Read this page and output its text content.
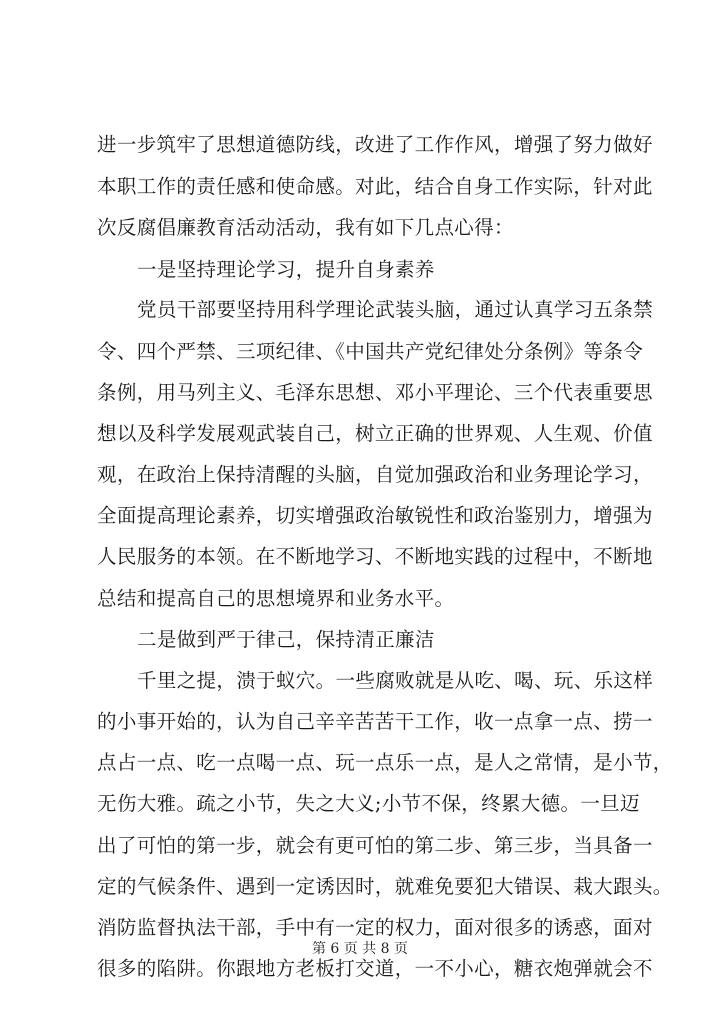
进一步筑牢了思想道德防线，改进了工作作风，增强了努力做好
本职工作的责任感和使命感。对此，结合自身工作实际，针对此
次反腐倡廉教育活动活动，我有如下几点心得：
一是坚持理论学习，提升自身素养
党员干部要坚持用科学理论武装头脑，通过认真学习五条禁
令、四个严禁、三项纪律、《中国共产党纪律处分条例》等条令
条例，用马列主义、毛泽东思想、邓小平理论、三个代表重要思
想以及科学发展观武装自己，树立正确的世界观、人生观、价值
观，在政治上保持清醒的头脑，自觉加强政治和业务理论学习，
全面提高理论素养，切实增强政治敏锐性和政治鉴别力，增强为
人民服务的本领。在不断地学习、不断地实践的过程中，不断地
总结和提高自己的思想境界和业务水平。
二是做到严于律己，保持清正廉洁
千里之提，溃于蚁穴。一些腐败就是从吃、喝、玩、乐这样
的小事开始的，认为自己辛辛苦苦干工作，收一点拿一点、捞一
点占一点、吃一点喝一点、玩一点乐一点，是人之常情，是小节，
无伤大雅。疏之小节，失之大义;小节不保，终累大德。一旦迈
出了可怕的第一步，就会有更可怕的第二步、第三步，当具备一
定的气候条件、遇到一定诱因时，就难免要犯大错误、栽大跟头。
消防监督执法干部，手中有一定的权力，面对很多的诱惑，面对
很多的陷阱。你跟地方老板打交道，一不小心，糖衣炮弹就会不
第 6 页 共 8 页
